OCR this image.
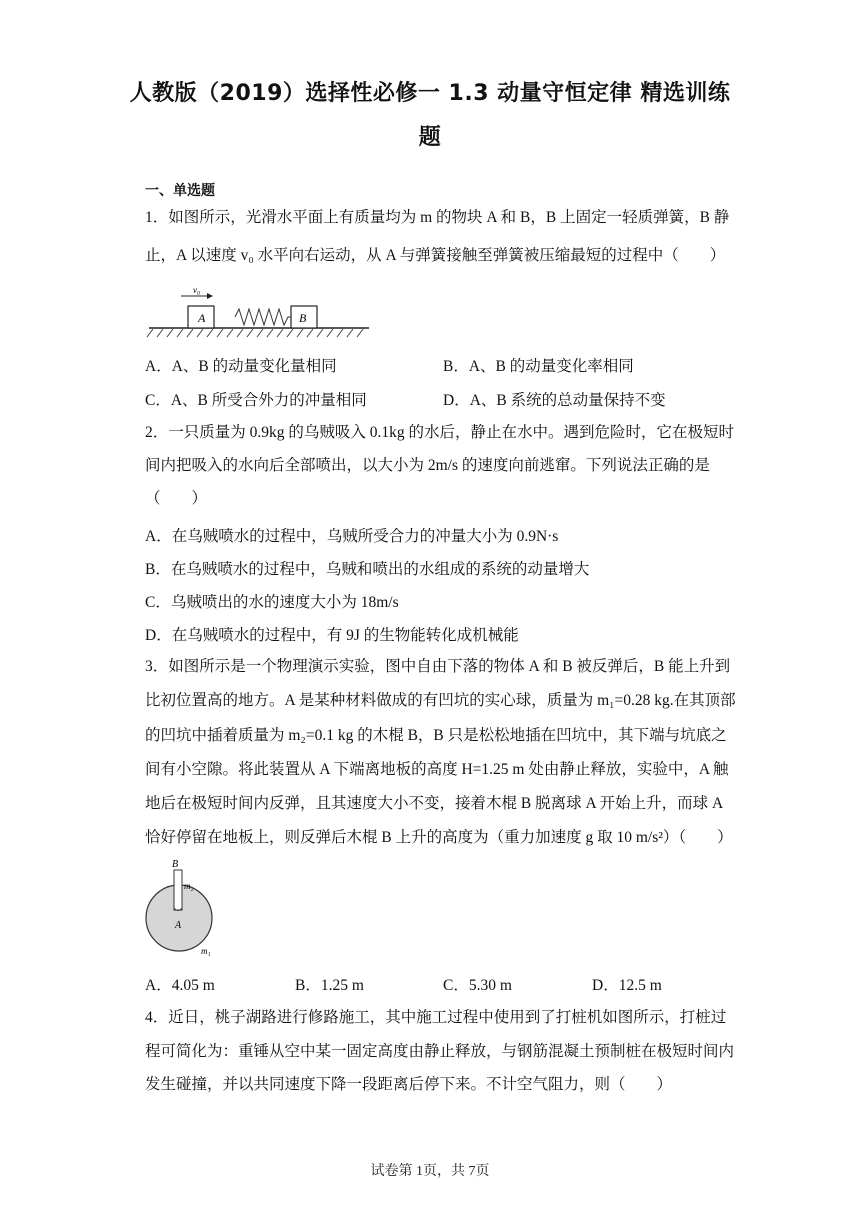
人教版（2019）选择性必修一 1.3 动量守恒定律 精选训练
题
一、单选题
1．如图所示，光滑水平面上有质量均为 m 的物块 A 和 B，B 上固定一轻质弹簧，B 静
止，A 以速度 v₀ 水平向右运动，从 A 与弹簧接触至弹簧被压缩最短的过程中（　　）
v₀
A	B
A．A、B 的动量变化量相同	B．A、B 的动量变化率相同
C．A、B 所受合外力的冲量相同	D．A、B 系统的总动量保持不变
2．一只质量为 0.9kg 的乌贼吸入 0.1kg 的水后，静止在水中。遇到危险时，它在极短时
间内把吸入的水向后全部喷出，以大小为 2m/s 的速度向前逃窜。下列说法正确的是
（　　）
A．在乌贼喷水的过程中，乌贼所受合力的冲量大小为 0.9N·s
B．在乌贼喷水的过程中，乌贼和喷出的水组成的系统的动量增大
C．乌贼喷出的水的速度大小为 18m/s
D．在乌贼喷水的过程中，有 9J 的生物能转化成机械能
3．如图所示是一个物理演示实验，图中自由下落的物体 A 和 B 被反弹后，B 能上升到
比初位置高的地方。A 是某种材料做成的有凹坑的实心球，质量为 m₁=0.28 kg.在其顶部
的凹坑中插着质量为 m₂=0.1 kg 的木棍 B，B 只是松松地插在凹坑中，其下端与坑底之
间有小空隙。将此装置从 A 下端离地板的高度 H=1.25 m 处由静止释放，实验中，A 触
地后在极短时间内反弹，且其速度大小不变，接着木棍 B 脱离球 A 开始上升，而球 A
恰好停留在地板上，则反弹后木棍 B 上升的高度为（重力加速度 g 取 10 m/s²）（　　）
B
m₂
A
m₁
A．4.05 m	B．1.25 m	C．5.30 m	D．12.5 m
4．近日，桃子湖路进行修路施工，其中施工过程中使用到了打桩机如图所示，打桩过
程可简化为：重锤从空中某一固定高度由静止释放，与钢筋混凝土预制桩在极短时间内
发生碰撞，并以共同速度下降一段距离后停下来。不计空气阻力，则（　　）
试卷第 1页，共 7页
